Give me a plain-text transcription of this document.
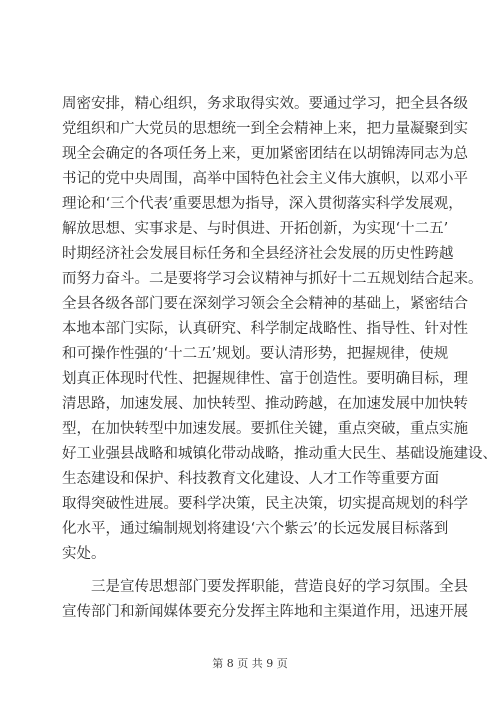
周密安排，精心组织，务求取得实效。要通过学习，把全县各级
党组织和广大党员的思想统一到全会精神上来，把力量凝聚到实
现全会确定的各项任务上来，更加紧密团结在以胡锦涛同志为总
书记的党中央周围，高举中国特色社会主义伟大旗帜，以邓小平
理论和‘三个代表’重要思想为指导，深入贯彻落实科学发展观，
解放思想、实事求是、与时俱进、开拓创新，为实现‘十二五’
时期经济社会发展目标任务和全县经济社会发展的历史性跨越
而努力奋斗。二是要将学习会议精神与抓好十二五规划结合起来。
全县各级各部门要在深刻学习领会全会精神的基础上，紧密结合
本地本部门实际，认真研究、科学制定战略性、指导性、针对性
和可操作性强的‘十二五’规划。要认清形势，把握规律，使规
划真正体现时代性、把握规律性、富于创造性。要明确目标，理
清思路，加速发展、加快转型、推动跨越，在加速发展中加快转
型，在加快转型中加速发展。要抓住关键，重点突破，重点实施
好工业强县战略和城镇化带动战略，推动重大民生、基础设施建设、
生态建设和保护、科技教育文化建设、人才工作等重要方面
取得突破性进展。要科学决策，民主决策，切实提高规划的科学
化水平，通过编制规划将建设‘六个紫云’的长远发展目标落到
实处。
　　三是宣传思想部门要发挥职能，营造良好的学习氛围。全县
宣传部门和新闻媒体要充分发挥主阵地和主渠道作用，迅速开展
第 8 页 共 9 页
